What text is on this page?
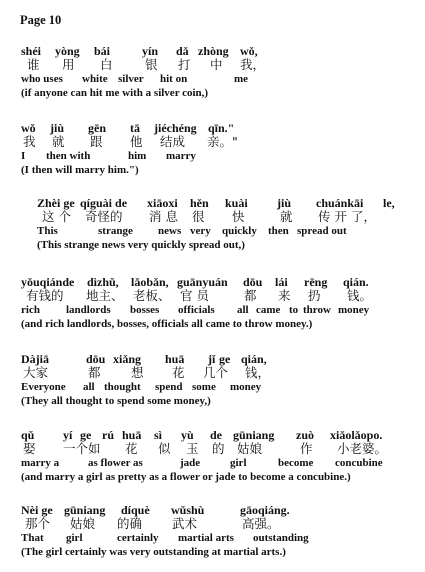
Page 10
shéi yòng bái	yín dǎ zhòng wǒ,
谁 用 白	银 打 中 我，
who uses white silver hit on	me
(if anyone can hit me with a silver coin,)
wǒ jiù gēn tā jiéchéng qīn."
我 就 跟 他 结成 亲。"
I then with	him marry
(I then will marry him.")
Zhèi ge qíguài de xiāoxi hěn kuài jiù chuánkāi le,
这 个 奇怪的 消 息 很 快	就 传 开 了，
This	strange news very quickly then spread out
(This strange news very quickly spread out,)
yǒuqiánde dìzhǔ, lǎobǎn, guānyuán dōu lái rēng qián.
有钱的 地主、 老板、 官 员	都 来 扔 钱。
rich landlords bosses officials all came to throw money
(and rich landlords, bosses, officials all came to throw money.)
Dàjiā	dōu xiǎng huā jǐ ge qián,
大家	都 想 花 几个 钱，
Everyone all thought spend some money
(They all thought to spend some money,)
qǔ yí ge rú huā sì yù de gūniang zuò xiǎolǎopo.
娶 一个如 花 似 玉 的 姑娘	作 小老婆。
marry a	as flower as	jade	girl	become concubine
(and marry a girl as pretty as a flower or jade to become a concubine.)
Nèi ge gūniang díquè wǔshù	gāoqiáng.
那个 姑娘 的确 武术	高强。
That girl	certainly martial arts outstanding
(The girl certainly was very outstanding at martial arts.)
